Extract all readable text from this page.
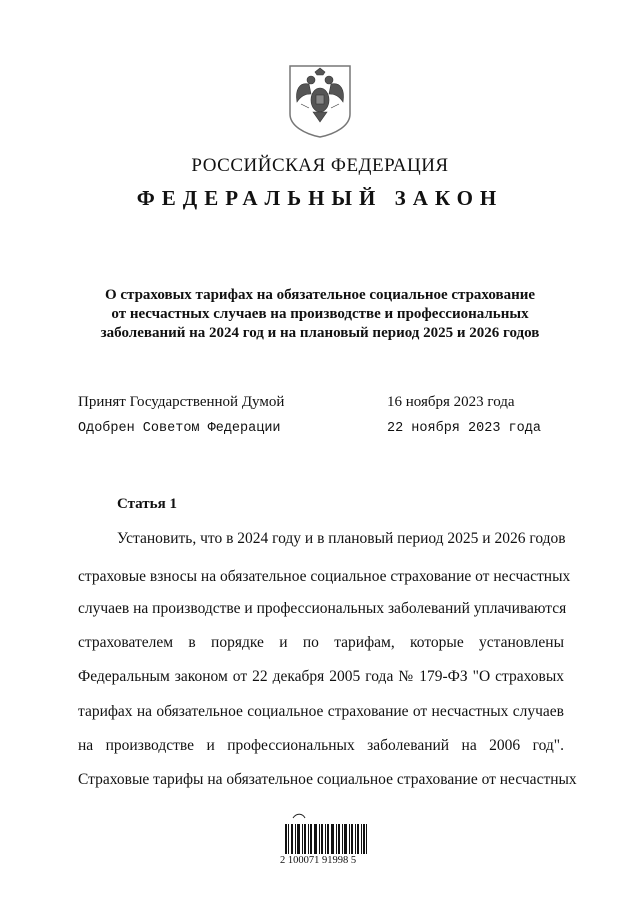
РОССИЙСКАЯ ФЕДЕРАЦИЯ
ФЕДЕРАЛЬНЫЙ ЗАКОН
О страховых тарифах на обязательное социальное страхование
от несчастных случаев на производстве и профессиональных
заболеваний на 2024 год и на плановый период 2025 и 2026 годов
Принят Государственной Думой	16 ноября 2023 года
Одобрен Советом Федерации	22 ноября 2023 года
Статья 1
Установить, что в 2024 году и в плановый период 2025 и 2026 годов
страховые взносы на обязательное социальное страхование от несчастных
случаев на производстве и профессиональных заболеваний уплачиваются
страхователем в порядке и по тарифам, которые установлены
Федеральным законом от 22 декабря 2005 года № 179-ФЗ "О страховых
тарифах на обязательное социальное страхование от несчастных случаев
на производстве и профессиональных заболеваний на 2006 год".
Страховые тарифы на обязательное социальное страхование от несчастных
2 100071 91998 5
